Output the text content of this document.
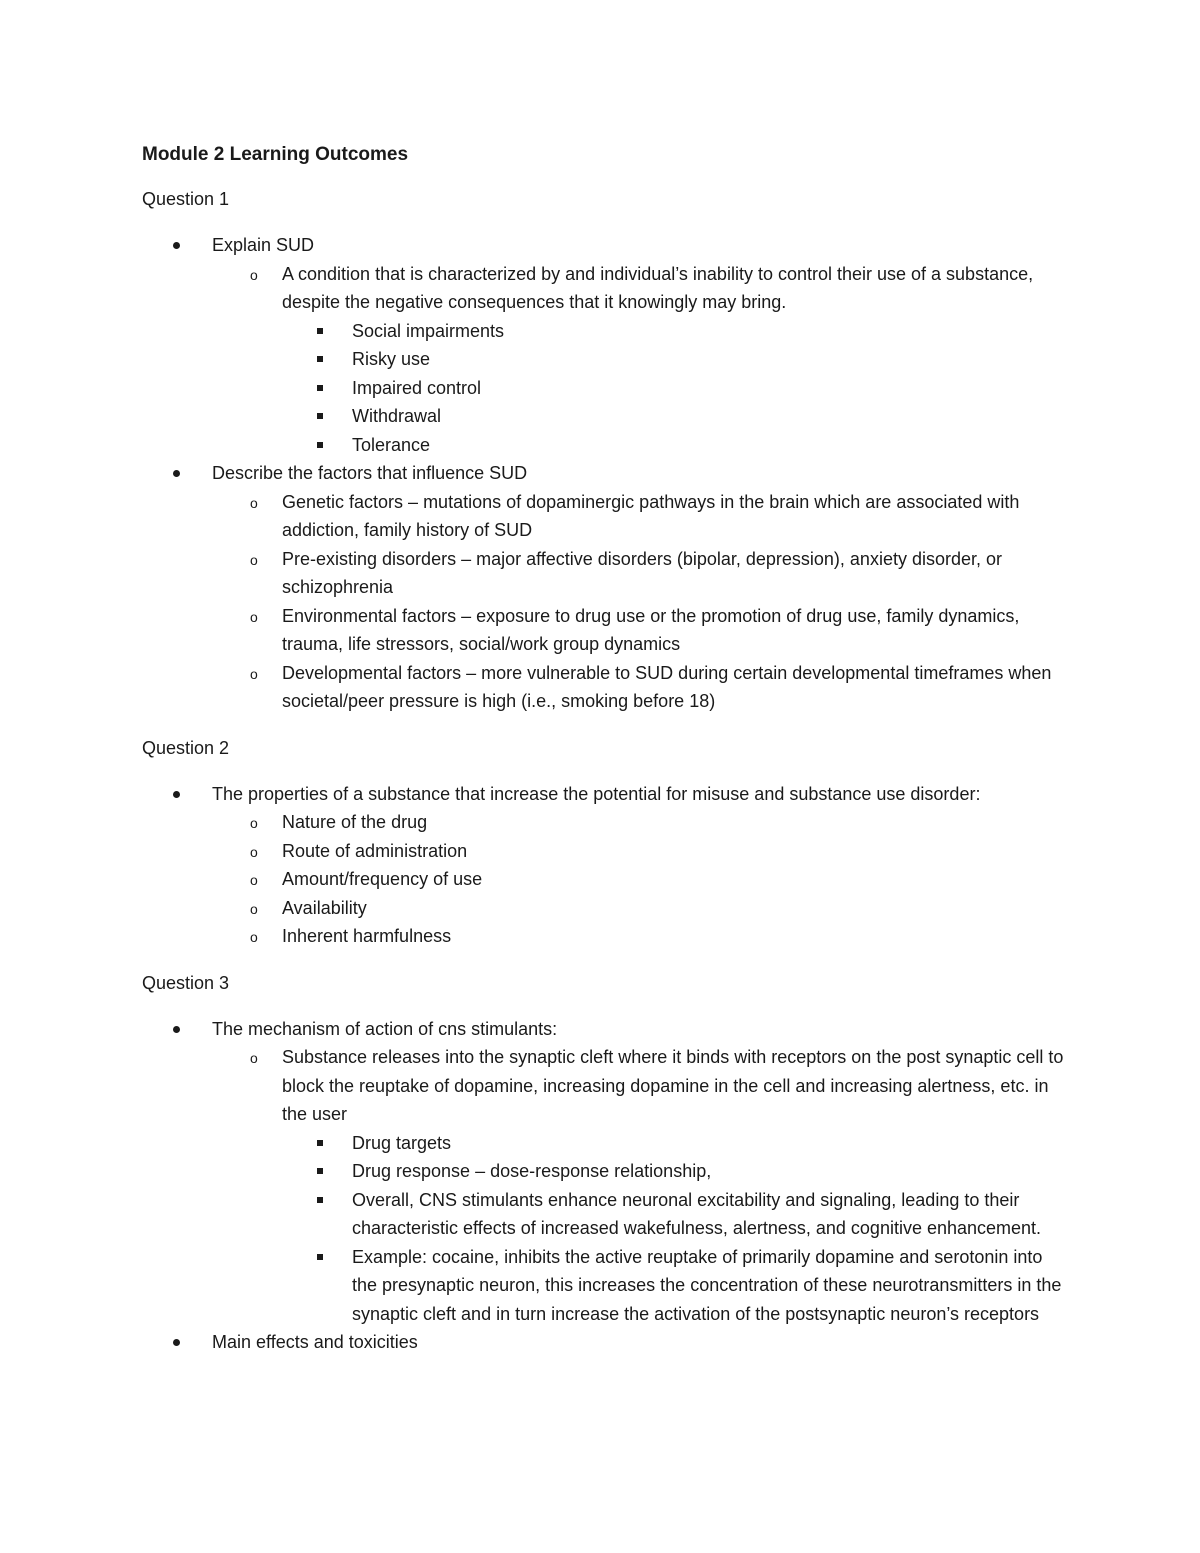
Module 2 Learning Outcomes
Question 1
Explain SUD
o A condition that is characterized by and individual’s inability to control their use of a substance, despite the negative consequences that it knowingly may bring.
Social impairments
Risky use
Impaired control
Withdrawal
Tolerance
Describe the factors that influence SUD
o Genetic factors – mutations of dopaminergic pathways in the brain which are associated with addiction, family history of SUD
o Pre-existing disorders – major affective disorders (bipolar, depression), anxiety disorder, or schizophrenia
o Environmental factors – exposure to drug use or the promotion of drug use, family dynamics, trauma, life stressors, social/work group dynamics
o Developmental factors – more vulnerable to SUD during certain developmental timeframes when societal/peer pressure is high (i.e., smoking before 18)
Question 2
The properties of a substance that increase the potential for misuse and substance use disorder:
o Nature of the drug
o Route of administration
o Amount/frequency of use
o Availability
o Inherent harmfulness
Question 3
The mechanism of action of cns stimulants:
o Substance releases into the synaptic cleft where it binds with receptors on the post synaptic cell to block the reuptake of dopamine, increasing dopamine in the cell and increasing alertness, etc. in the user
Drug targets
Drug response – dose-response relationship,
Overall, CNS stimulants enhance neuronal excitability and signaling, leading to their characteristic effects of increased wakefulness, alertness, and cognitive enhancement.
Example: cocaine, inhibits the active reuptake of primarily dopamine and serotonin into the presynaptic neuron, this increases the concentration of these neurotransmitters in the synaptic cleft and in turn increase the activation of the postsynaptic neuron’s receptors
Main effects and toxicities
